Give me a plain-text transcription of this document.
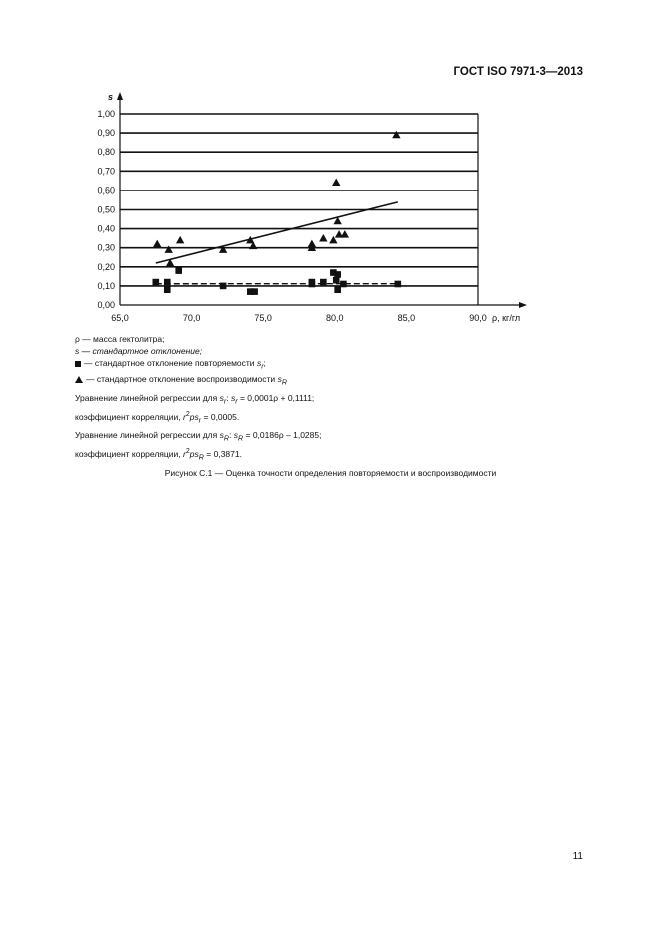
ГОСТ ISO 7971-3—2013
0,00
0,10
0,20
0,30
0,40
0,50
0,60
0,70
0,80
0,90
1,00
65,0	70,0	75,0	80,0	85,0	90,0
s
ρ, кг/гл
ρ — масса гектолитра;
s — стандартное отклонение;
— стандартное отклонение повторяемости $s_r$;
— стандартное отклонение воспроизводимости $s_R$
Уравнение линейной регрессии для $s_r$: $s_r = 0,0001\rho + 0,1111$;
коэффициент корреляции, $r^2ps_r = 0,0005$.
Уравнение линейной регрессии для $s_R$: $s_R = 0,0186\rho - 1,0285$;
коэффициент корреляции, $r^2ps_R = 0,3871$.
Рисунок С.1 — Оценка точности определения повторяемости и воспроизводимости
11
